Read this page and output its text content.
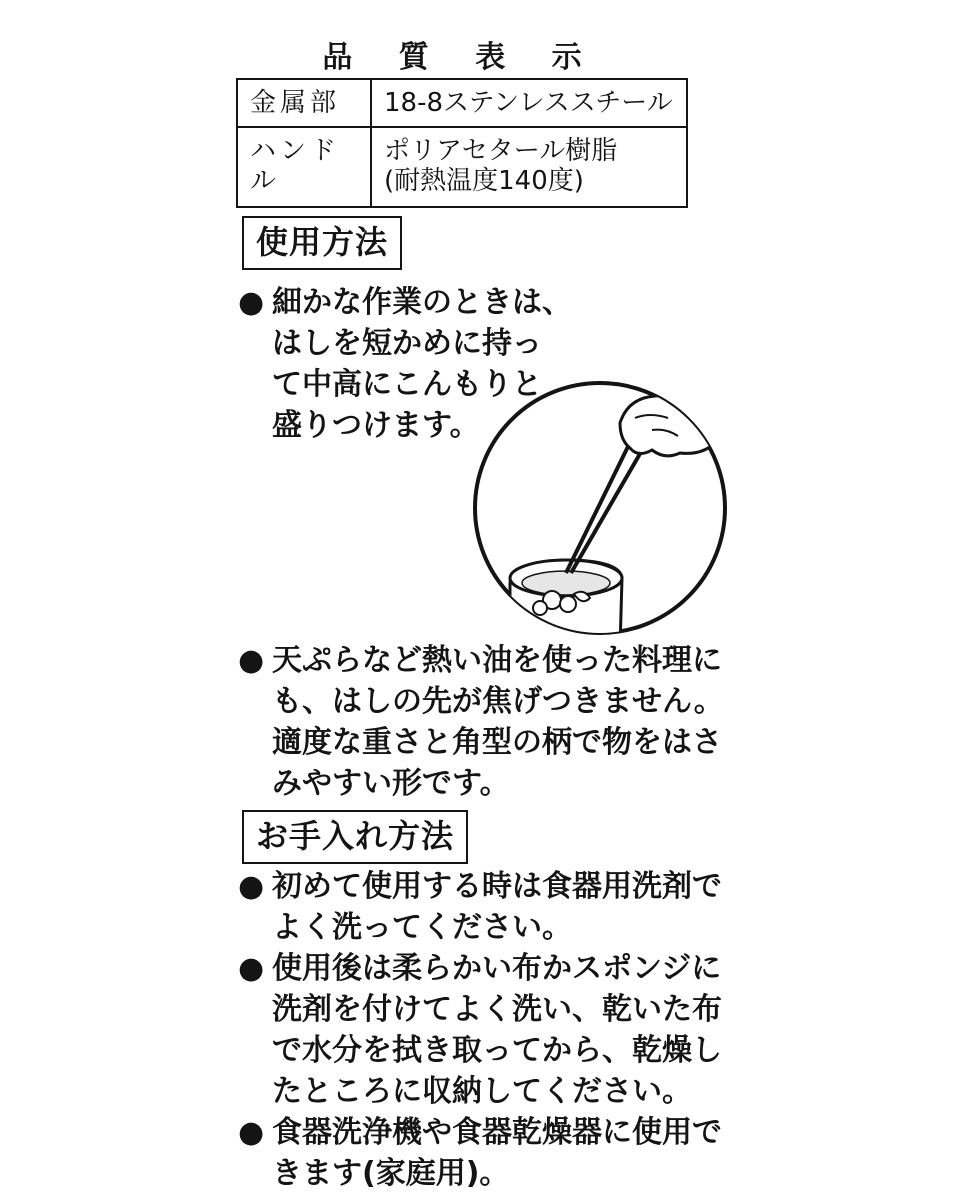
品 質 表 示
金属部	18-8ステンレススチール

ハンドル	ポリアセタール樹脂
(耐熱温度140度)
使用方法
● 細かな作業のときは、
はしを短かめに持っ
て中高にこんもりと
盛りつけます。
● 天ぷらなど熱い油を使った料理に
も、はしの先が焦げつきません。
適度な重さと角型の柄で物をはさ
みやすい形です。
お手入れ方法
● 初めて使用する時は食器用洗剤で
よく洗ってください。
● 使用後は柔らかい布かスポンジに
洗剤を付けてよく洗い、乾いた布
で水分を拭き取ってから、乾燥し
たところに収納してください。
● 食器洗浄機や食器乾燥器に使用で
きます(家庭用)。
